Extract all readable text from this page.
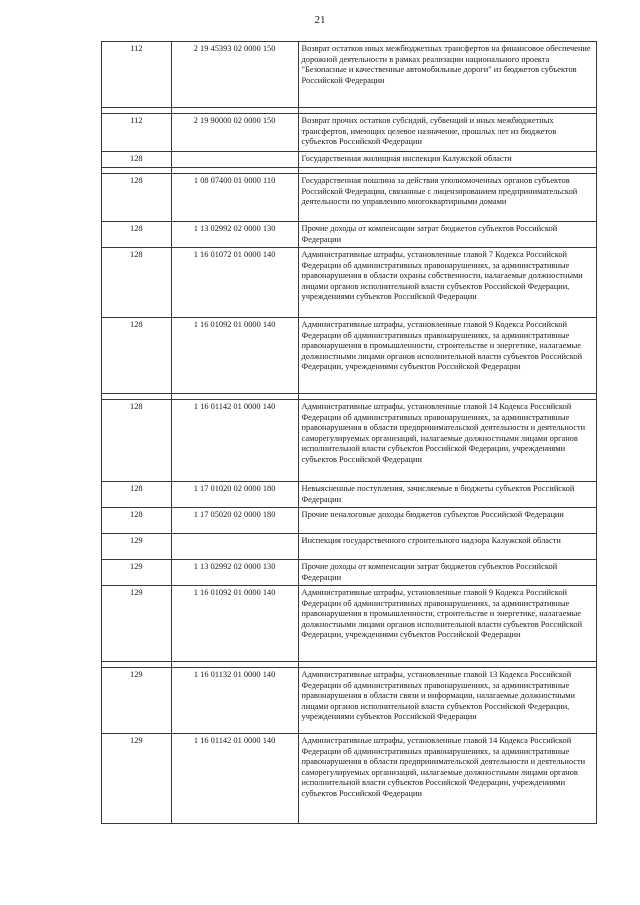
21
112	2 19 45393 02 0000 150	Возврат остатков иных межбюджетных трансфертов на финансовое обеспечение дорожной деятельности в рамках реализации национального проекта "Безопасные и качественные автомобильные дороги" из бюджетов субъектов Российской Федерации

112	2 19 90000 02 0000 150	Возврат прочих остатков субсидий, субвенций и иных межбюджетных трансфертов, имеющих целевое назначение, прошлых лет из бюджетов субъектов Российской Федерации
128		Государственная жилищная инспекция Калужской области

128	1 08 07400 01 0000 110	Государственная пошлина за действия уполномоченных органов субъектов Российской Федерации, связанные с лицензированием предпринимательской деятельности по управлению многоквартирными домами
128	1 13 02992 02 0000 130	Прочие доходы от компенсации затрат бюджетов субъектов Российской Федерации
128	1 16 01072 01 0000 140	Административные штрафы, установленные главой 7 Кодекса Российской Федерации об административных правонарушениях, за административные правонарушения в области охраны собственности, налагаемые должностными лицами органов исполнительной власти субъектов Российской Федерации, учреждениями субъектов Российской Федерации
128	1 16 01092 01 0000 140	Административные штрафы, установленные главой 9 Кодекса Российской Федерации об административных правонарушениях, за административные правонарушения в промышленности, строительстве и энергетике, налагаемые должностными лицами органов исполнительной власти субъектов Российской Федерации, учреждениями субъектов Российской Федерации

128	1 16 01142 01 0000 140	Административные штрафы, установленные главой 14 Кодекса Российской Федерации об административных правонарушениях, за административные правонарушения в области предпринимательской деятельности и деятельности саморегулируемых организаций, налагаемые должностными лицами органов исполнительной власти субъектов Российской Федерации, учреждениями субъектов Российской Федерации
128	1 17 01020 02 0000 180	Невыясненные поступления, зачисляемые в бюджеты субъектов Российской Федерации
128	1 17 05020 02 0000 180	Прочие неналоговые доходы бюджетов субъектов Российской Федерации
129		Инспекция государственного строительного надзора Калужской области
129	1 13 02992 02 0000 130	Прочие доходы от компенсации затрат бюджетов субъектов Российской Федерации
129	1 16 01092 01 0000 140	Административные штрафы, установленные главой 9 Кодекса Российской Федерации об административных правонарушениях, за административные правонарушения в промышленности, строительстве и энергетике, налагаемые должностными лицами органов исполнительной власти субъектов Российской Федерации, учреждениями субъектов Российской Федерации

129	1 16 01132 01 0000 140	Административные штрафы, установленные главой 13 Кодекса Российской Федерации об административных правонарушениях, за административные правонарушения в области связи и информации, налагаемые должностными лицами органов исполнительной власти субъектов Российской Федерации, учреждениями субъектов Российской Федерации
129	1 16 01142 01 0000 140	Административные штрафы, установленные главой 14 Кодекса Российской Федерации об административных правонарушениях, за административные правонарушения в области предпринимательской деятельности и деятельности саморегулируемых организаций, налагаемые должностными лицами органов исполнительной власти субъектов Российской Федерации, учреждениями субъектов Российской Федерации
